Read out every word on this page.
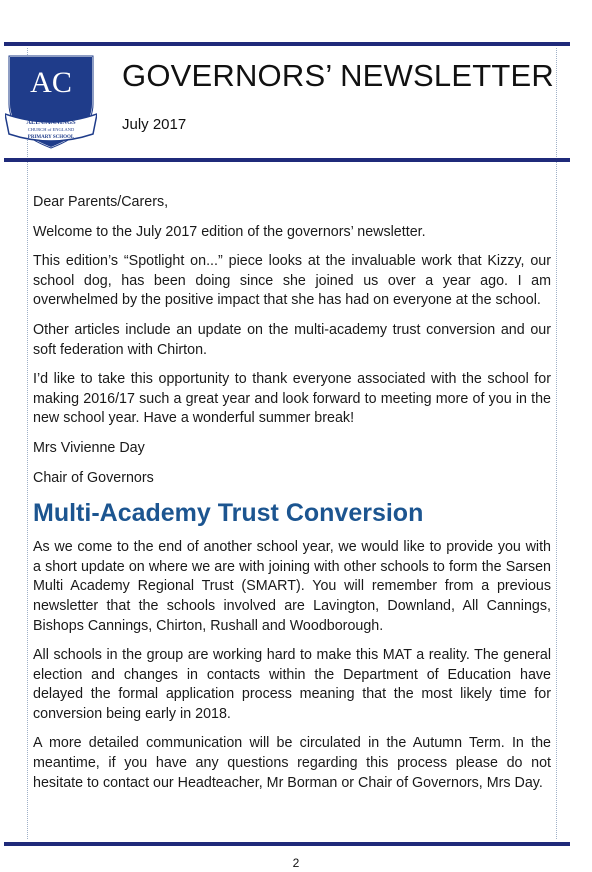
AC
ALL CANNINGS
CHURCH of ENGLAND
PRIMARY SCHOOL
GOVERNORS’ NEWSLETTER
July 2017

Dear Parents/Carers,

Welcome to the July 2017 edition of the governors’ newsletter.

This edition’s “Spotlight on...” piece looks at the invaluable work that Kizzy, our school dog, has been doing since she joined us over a year ago. I am overwhelmed by the positive impact that she has had on everyone at the school.

Other articles include an update on the multi-academy trust conversion and our soft federation with Chirton.

I’d like to take this opportunity to thank everyone associated with the school for making 2016/17 such a great year and look forward to meeting more of you in the new school year. Have a wonderful summer break!

Mrs Vivienne Day

Chair of Governors

Multi-Academy Trust Conversion

As we come to the end of another school year, we would like to provide you with a short update on where we are with joining with other schools to form the Sarsen Multi Academy Regional Trust (SMART). You will remember from a previous newsletter that the schools involved are Lavington, Downland, All Cannings, Bishops Cannings, Chirton, Rushall and Woodborough.

All schools in the group are working hard to make this MAT a reality. The general election and changes in contacts within the Department of Education have delayed the formal application process meaning that the most likely time for conversion being early in 2018.

A more detailed communication will be circulated in the Autumn Term. In the meantime, if you have any questions regarding this process please do not hesitate to contact our Headteacher, Mr Borman or Chair of Governors, Mrs Day.

2
